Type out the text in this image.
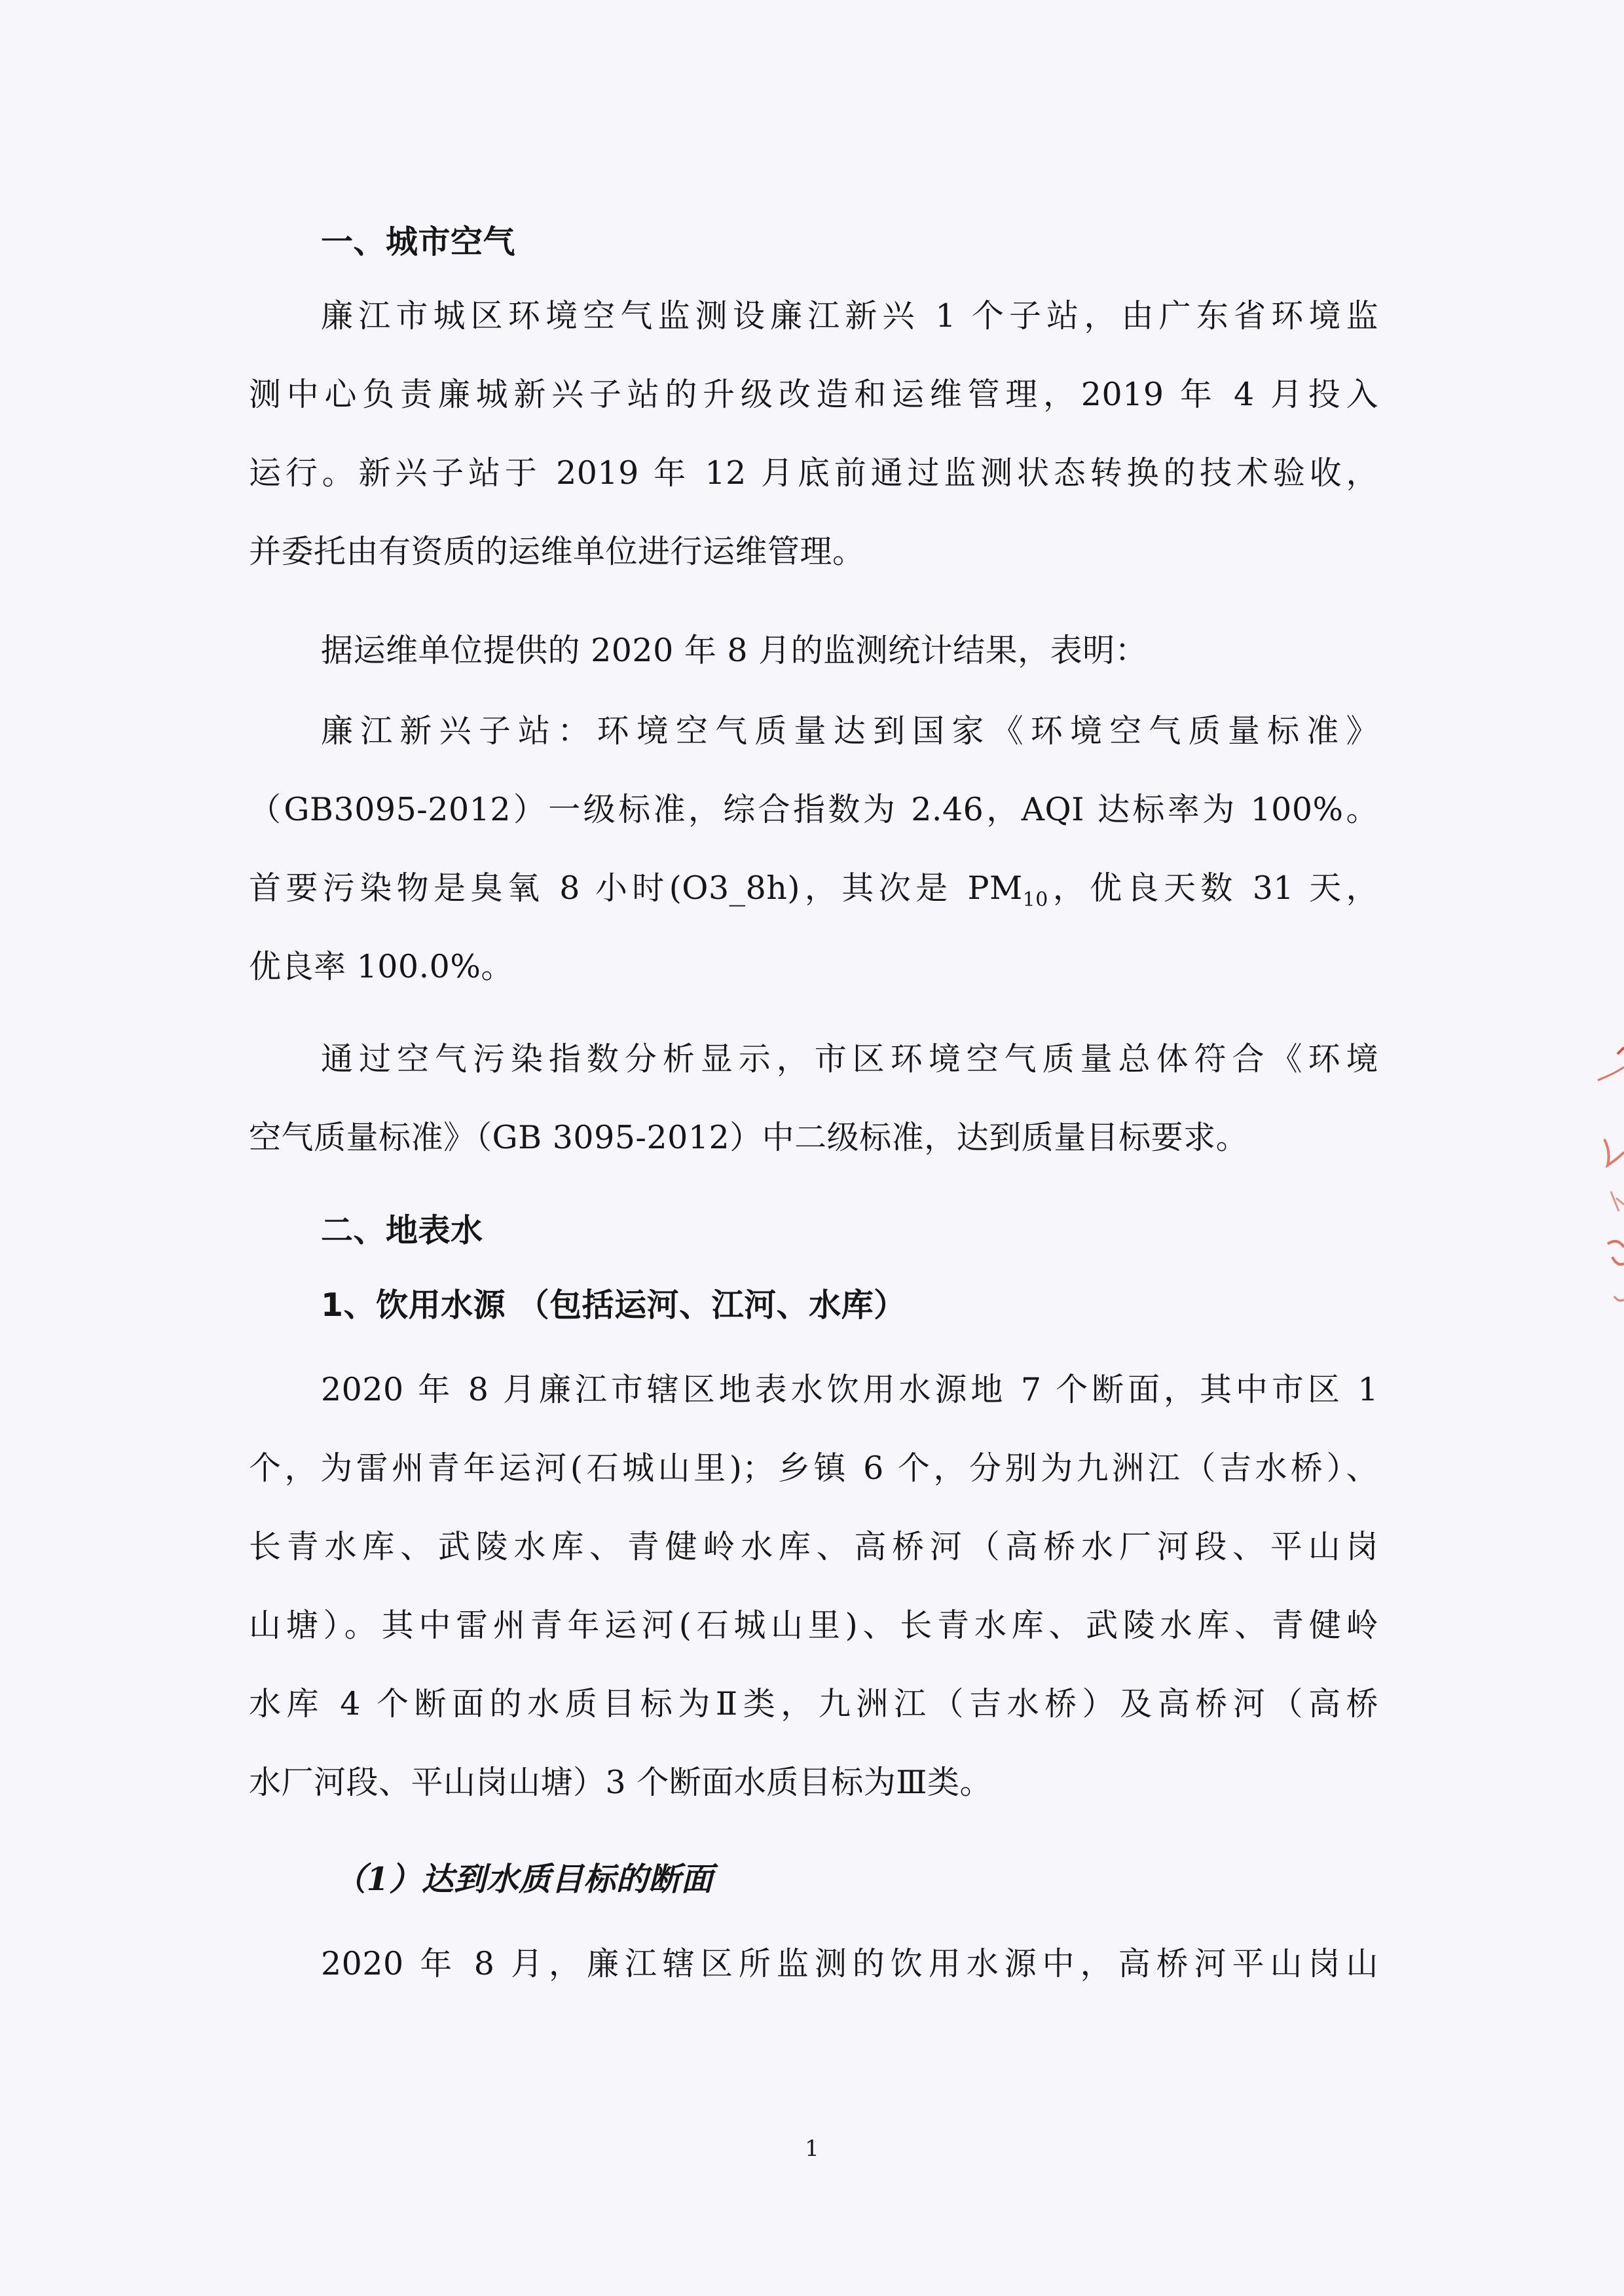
一、城市空气
廉江市城区环境空气监测设廉江新兴 1 个子站，由广东省环境监
测中心负责廉城新兴子站的升级改造和运维管理，2019 年 4 月投入
运行。新兴子站于 2019 年 12 月底前通过监测状态转换的技术验收，
并委托由有资质的运维单位进行运维管理。
据运维单位提供的 2020 年 8 月的监测统计结果，表明：
廉江新兴子站：环境空气质量达到国家《环境空气质量标准》
（GB3095-2012）一级标准，综合指数为 2.46，AQI 达标率为 100%。
首要污染物是臭氧 8 小时(O3_8h)，其次是 $PM_{10}$，优良天数 31 天，
优良率 100.0%。
通过空气污染指数分析显示，市区环境空气质量总体符合《环境
空气质量标准》（GB 3095-2012）中二级标准，达到质量目标要求。
二、地表水
1、饮用水源 （包括运河、江河、水库）
2020 年 8 月廉江市辖区地表水饮用水源地 7 个断面，其中市区 1
个，为雷州青年运河(石城山里)；乡镇 6 个，分别为九洲江（吉水桥）、
长青水库、武陵水库、青健岭水库、高桥河（高桥水厂河段、平山岗
山塘）。其中雷州青年运河(石城山里)、长青水库、武陵水库、青健岭
水库 4 个断面的水质目标为Ⅱ类，九洲江（吉水桥）及高桥河（高桥
水厂河段、平山岗山塘）3 个断面水质目标为Ⅲ类。
（1）达到水质目标的断面
2020 年 8 月，廉江辖区所监测的饮用水源中，高桥河平山岗山
1
